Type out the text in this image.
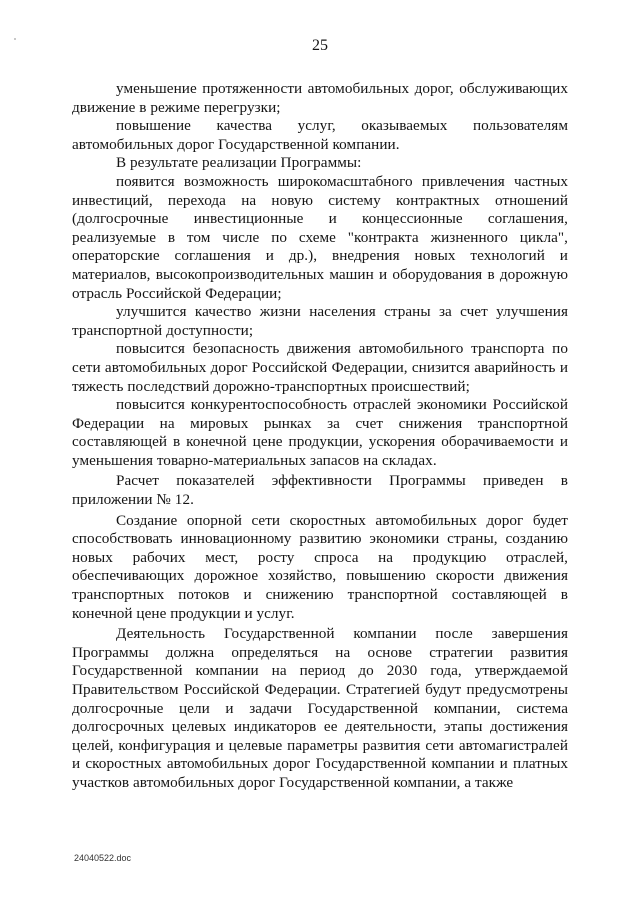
25

уменьшение протяженности автомобильных дорог, обслуживающих движение в режиме перегрузки;

повышение качества услуг, оказываемых пользователям автомобильных дорог Государственной компании.

В результате реализации Программы:

появится возможность широкомасштабного привлечения частных инвестиций, перехода на новую систему контрактных отношений (долгосрочные инвестиционные и концессионные соглашения, реализуемые в том числе по схеме "контракта жизненного цикла", операторские соглашения и др.), внедрения новых технологий и материалов, высокопроизводительных машин и оборудования в дорожную отрасль Российской Федерации;

улучшится качество жизни населения страны за счет улучшения транспортной доступности;

повысится безопасность движения автомобильного транспорта по сети автомобильных дорог Российской Федерации, снизится аварийность и тяжесть последствий дорожно-транспортных происшествий;

повысится конкурентоспособность отраслей экономики Российской Федерации на мировых рынках за счет снижения транспортной составляющей в конечной цене продукции, ускорения оборачиваемости и уменьшения товарно-материальных запасов на складах.

Расчет показателей эффективности Программы приведен в приложении № 12.

Создание опорной сети скоростных автомобильных дорог будет способствовать инновационному развитию экономики страны, созданию новых рабочих мест, росту спроса на продукцию отраслей, обеспечивающих дорожное хозяйство, повышению скорости движения транспортных потоков и снижению транспортной составляющей в конечной цене продукции и услуг.

Деятельность Государственной компании после завершения Программы должна определяться на основе стратегии развития Государственной компании на период до 2030 года, утверждаемой Правительством Российской Федерации. Стратегией будут предусмотрены долгосрочные цели и задачи Государственной компании, система долгосрочных целевых индикаторов ее деятельности, этапы достижения целей, конфигурация и целевые параметры развития сети автомагистралей и скоростных автомобильных дорог Государственной компании и платных участков автомобильных дорог Государственной компании, а также

24040522.doc
